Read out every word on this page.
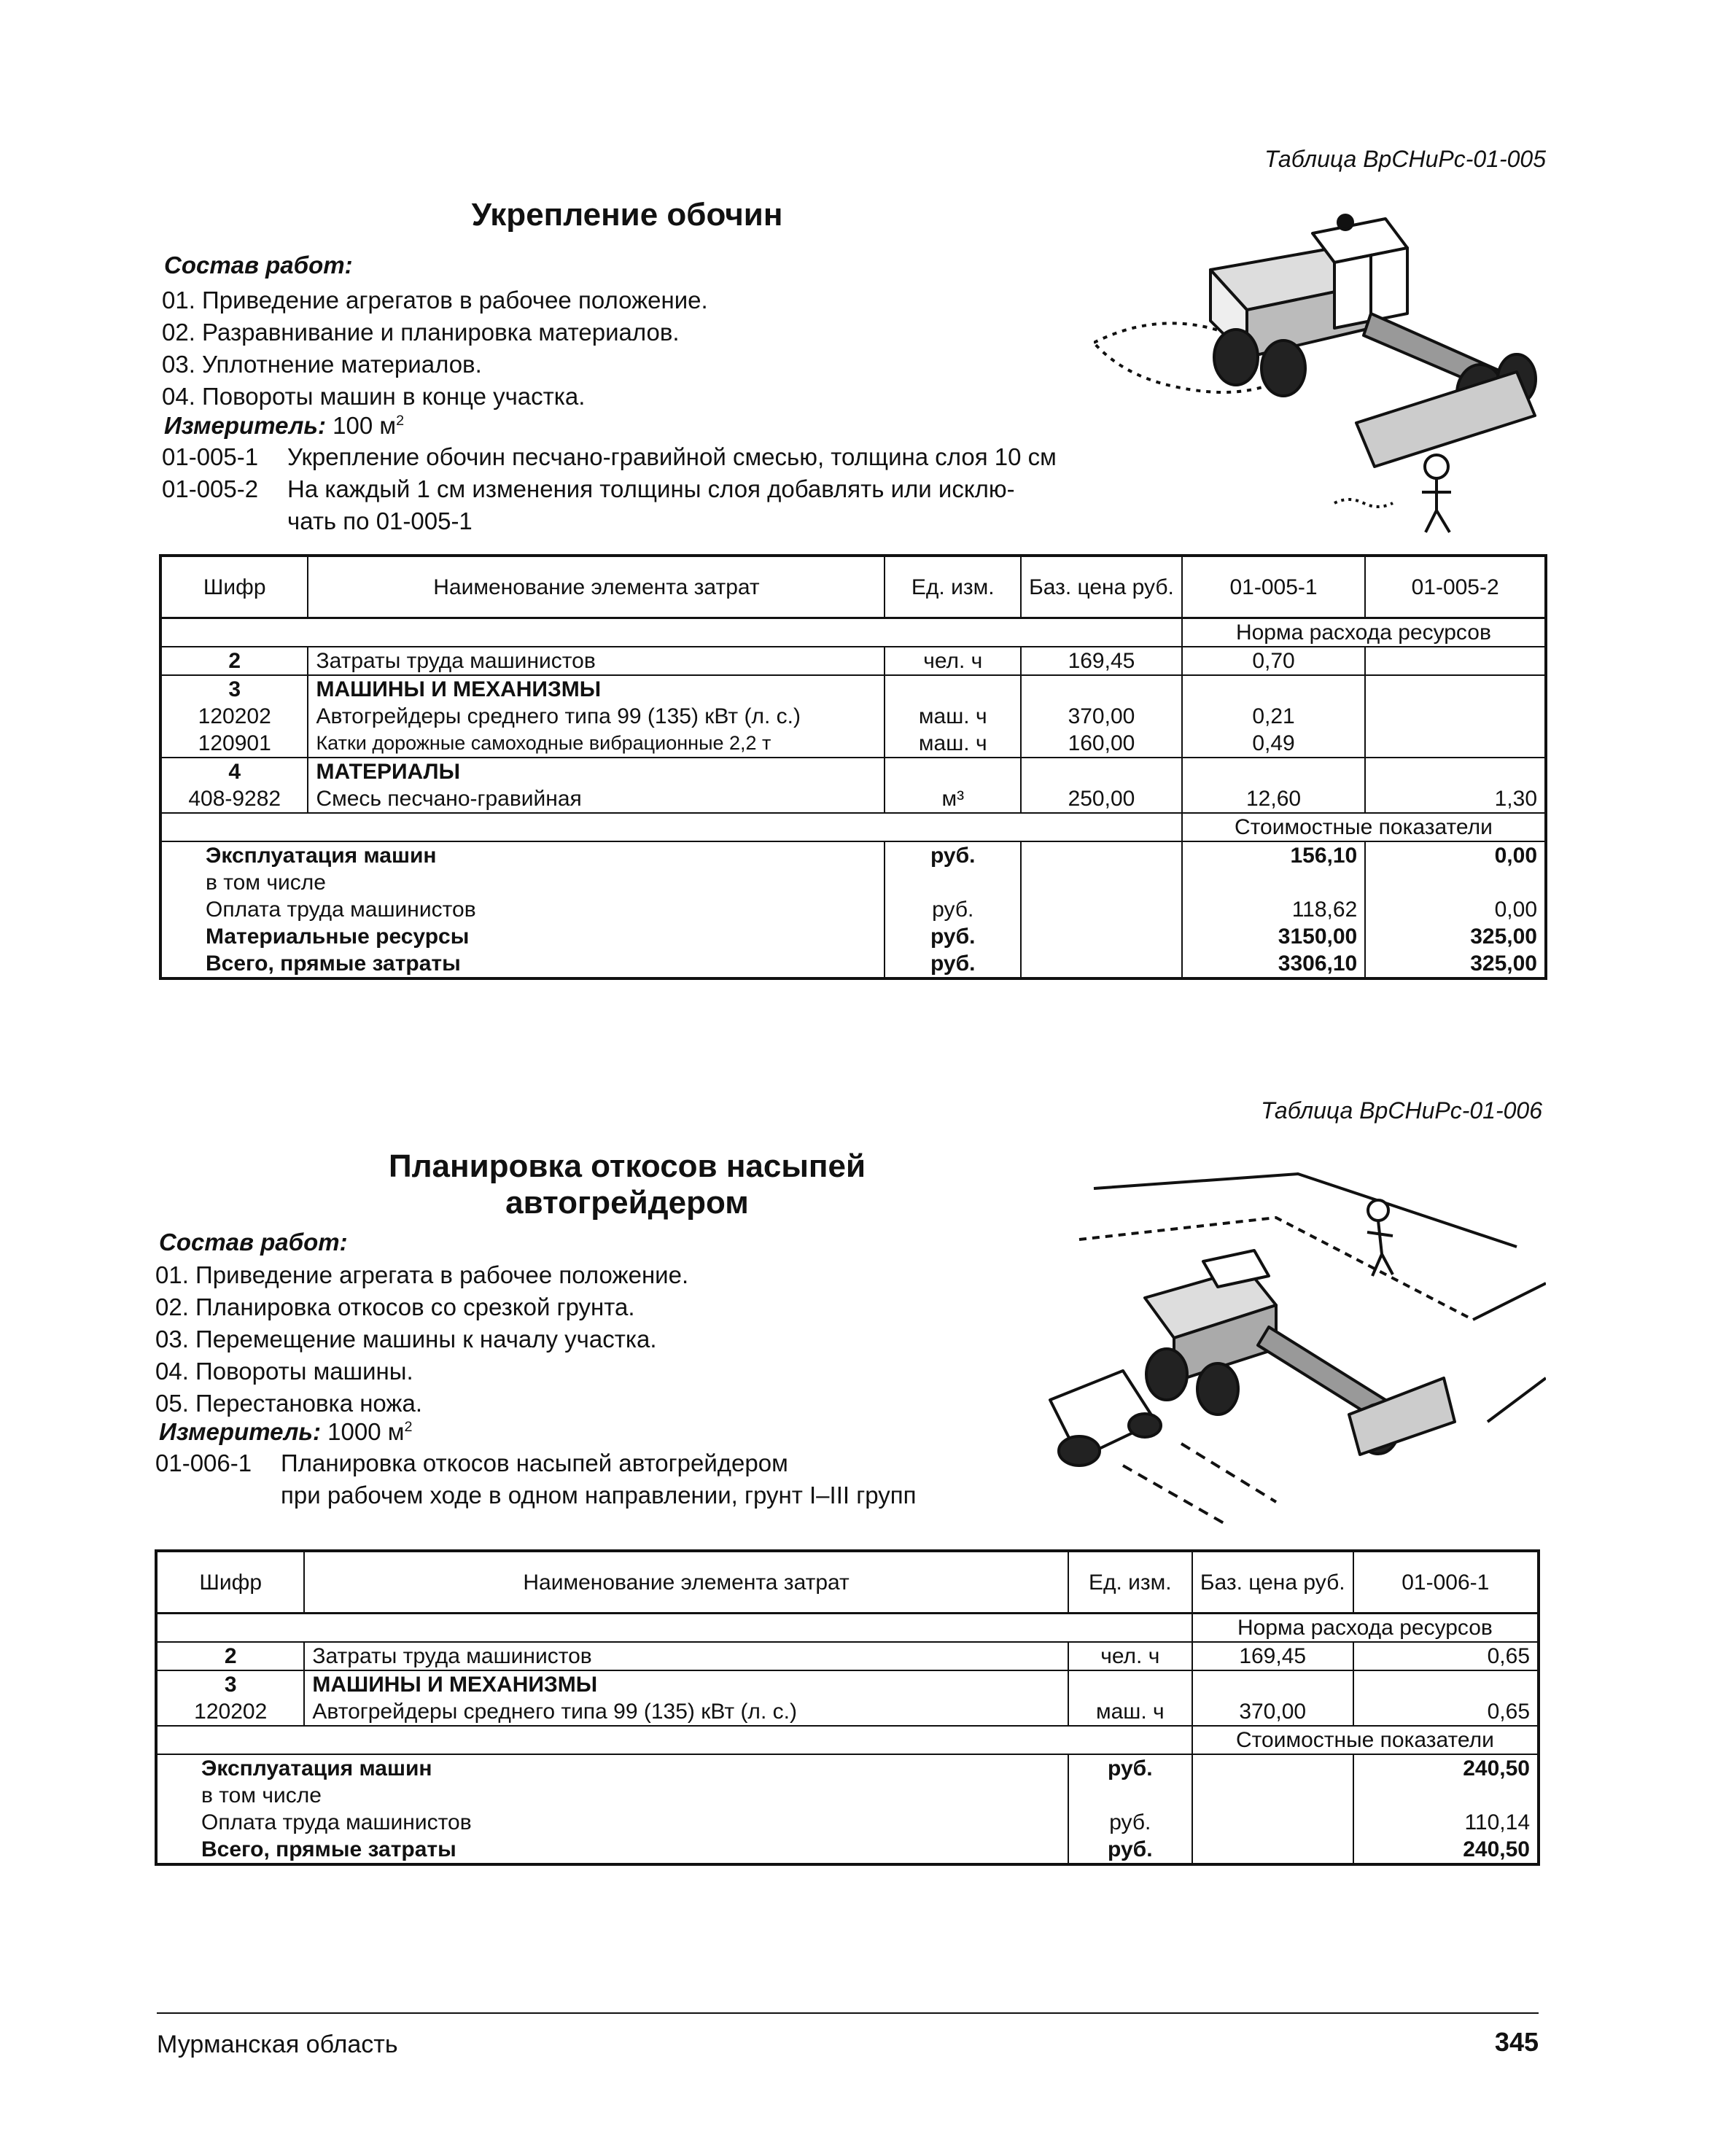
Таблица ВрСНиРс-01-005
Укрепление обочин
Состав работ:
01. Приведение агрегатов в рабочее положение.
02. Разравнивание и планировка материалов.
03. Уплотнение материалов.
04. Повороты машин в конце участка.
Измеритель: 100 $м^2$
01-005-1 Укрепление обочин песчано-гравийной смесью, толщина слоя 10 см
01-005-2 На каждый 1 см изменения толщины слоя добавлять или исклю-
чать по 01-005-1
Шифр	Наименование элемента затрат	Ед. изм.	Баз. цена руб.	01-005-1	01-005-2
				Норма расхода ресурсов	
2	Затраты труда машинистов	чел. ч	169,45	0,70	
3	МАШИНЫ И МЕХАНИЗМЫ				
120202	Автогрейдеры среднего типа 99 (135) кВт (л. с.)	маш. ч	370,00	0,21	
120901	Катки дорожные самоходные вибрационные 2,2 т	маш. ч	160,00	0,49	
4	МАТЕРИАЛЫ				
408-9282	Смесь песчано-гравийная	м³	250,00	12,60	1,30
				Стоимостные показатели	
Эксплуатация машин		руб.		156,10	0,00
в том числе					
Оплата труда машинистов		руб.		118,62	0,00
Материальные ресурсы		руб.		3150,00	325,00
Всего, прямые затраты		руб.		3306,10	325,00
Таблица ВрСНиРс-01-006
Планировка откосов насыпей
автогрейдером
Состав работ:
01. Приведение агрегата в рабочее положение.
02. Планировка откосов со срезкой грунта.
03. Перемещение машины к началу участка.
04. Повороты машины.
05. Перестановка ножа.
Измеритель: 1000 $м^2$
01-006-1 Планировка откосов насыпей автогрейдером
при рабочем ходе в одном направлении, грунт I–III групп
Шифр	Наименование элемента затрат	Ед. изм.	Баз. цена руб.	01-006-1
			Норма расхода ресурсов	
2	Затраты труда машинистов	чел. ч	169,45	0,65
3	МАШИНЫ И МЕХАНИЗМЫ			
120202	Автогрейдеры среднего типа 99 (135) кВт (л. с.)	маш. ч	370,00	0,65
			Стоимостные показатели	
Эксплуатация машин		руб.		240,50
в том числе				
Оплата труда машинистов		руб.		110,14
Всего, прямые затраты		руб.		240,50
Мурманская область	345
